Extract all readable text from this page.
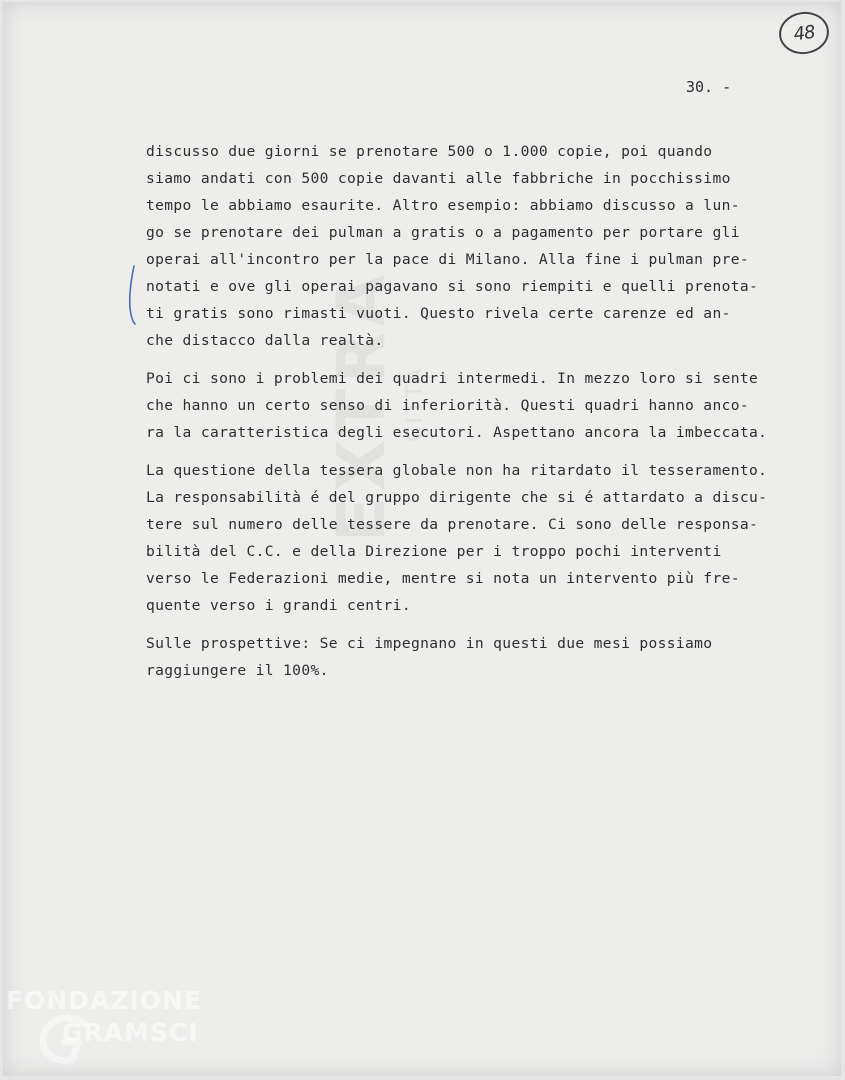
48
30. -
EXTRA CITTÀ
discusso due giorni se prenotare 500 o 1.000 copie, poi quando
siamo andati con 500 copie davanti alle fabbriche in pocchissimo
tempo le abbiamo esaurite. Altro esempio: abbiamo discusso a lun-
go se prenotare dei pulman a gratis o a pagamento per portare gli
operai all'incontro per la pace di Milano. Alla fine i pulman pre-
notati e ove gli operai pagavano si sono riempiti e quelli prenota-
ti gratis sono rimasti vuoti. Questo rivela certe carenze ed an-
che distacco dalla realtà.
Poi ci sono i problemi dei quadri intermedi. In mezzo loro si sente
che hanno un certo senso di inferiorità. Questi quadri hanno anco-
ra la caratteristica degli esecutori. Aspettano ancora la imbeccata.
La questione della tessera globale non ha ritardato il tesseramento.
La responsabilità é del gruppo dirigente che si é attardato a discu-
tere sul numero delle tessere da prenotare. Ci sono delle responsa-
bilità del C.C. e della Direzione per i troppo pochi interventi
verso le Federazioni medie, mentre si nota un intervento più fre-
quente verso i grandi centri.
Sulle prospettive: Se ci impegnano in questi due mesi possiamo
raggiungere il 100%.
FONDAZIONE
GRAMSCI
